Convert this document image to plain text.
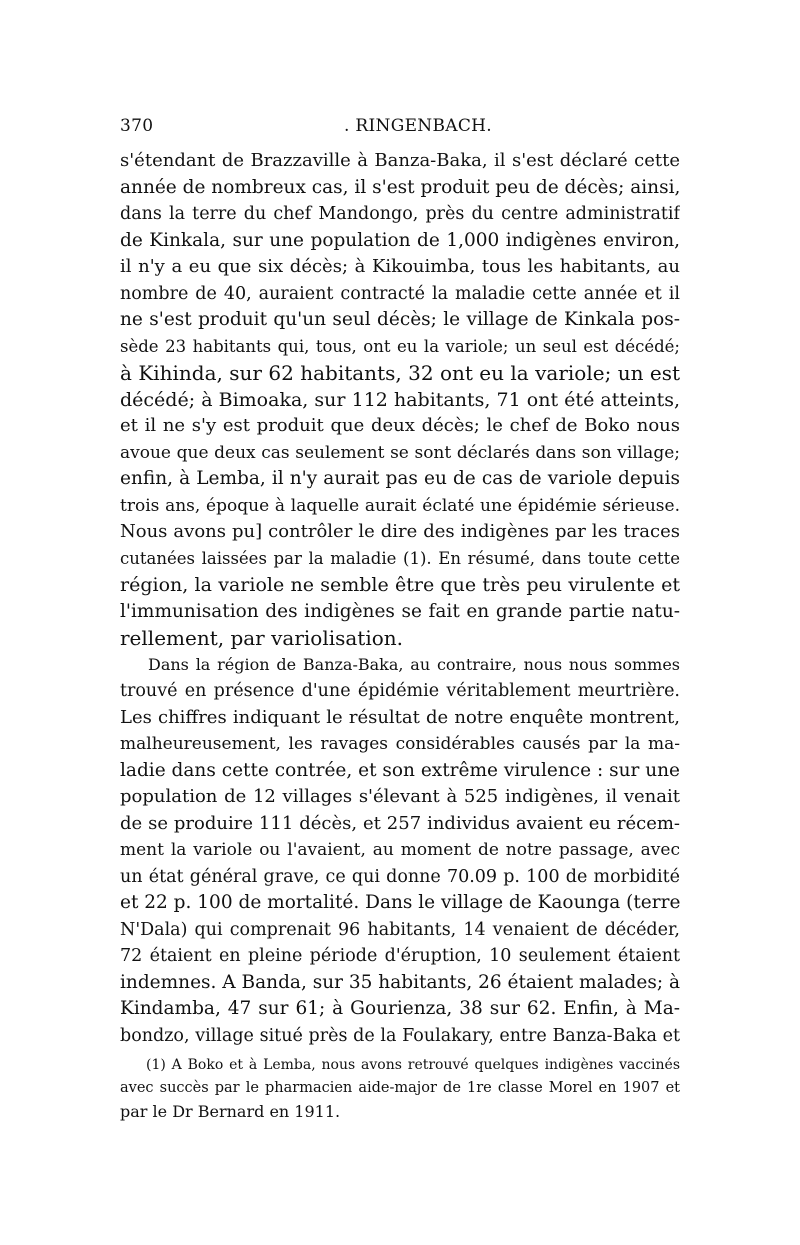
370	. RINGENBACH.
s'étendant de Brazzaville à Banza-Baka, il s'est déclaré cette
année de nombreux cas, il s'est produit peu de décès; ainsi,
dans la terre du chef Mandongo, près du centre administratif
de Kinkala, sur une population de 1,000 indigènes environ,
il n'y a eu que six décès; à Kikouimba, tous les habitants, au
nombre de 40, auraient contracté la maladie cette année et il
ne s'est produit qu'un seul décès; le village de Kinkala pos-
sède 23 habitants qui, tous, ont eu la variole; un seul est décédé;
à Kihinda, sur 62 habitants, 32 ont eu la variole; un est
décédé; à Bimoaka, sur 112 habitants, 71 ont été atteints,
et il ne s'y est produit que deux décès; le chef de Boko nous
avoue que deux cas seulement se sont déclarés dans son village;
enfin, à Lemba, il n'y aurait pas eu de cas de variole depuis
trois ans, époque à laquelle aurait éclaté une épidémie sérieuse.
Nous avons pu] contrôler le dire des indigènes par les traces
cutanées laissées par la maladie (1). En résumé, dans toute cette
région, la variole ne semble être que très peu virulente et
l'immunisation des indigènes se fait en grande partie natu-
rellement, par variolisation.
Dans la région de Banza-Baka, au contraire, nous nous sommes
trouvé en présence d'une épidémie véritablement meurtrière.
Les chiffres indiquant le résultat de notre enquête montrent,
malheureusement, les ravages considérables causés par la ma-
ladie dans cette contrée, et son extrême virulence : sur une
population de 12 villages s'élevant à 525 indigènes, il venait
de se produire 111 décès, et 257 individus avaient eu récem-
ment la variole ou l'avaient, au moment de notre passage, avec
un état général grave, ce qui donne 70.09 p. 100 de morbidité
et 22 p. 100 de mortalité. Dans le village de Kaounga (terre
N'Dala) qui comprenait 96 habitants, 14 venaient de décéder,
72 étaient en pleine période d'éruption, 10 seulement étaient
indemnes. A Banda, sur 35 habitants, 26 étaient malades; à
Kindamba, 47 sur 61; à Gourienza, 38 sur 62. Enfin, à Ma-
bondzo, village situé près de la Foulakary, entre Banza-Baka et
(1) A Boko et à Lemba, nous avons retrouvé quelques indigènes vaccinés
avec succès par le pharmacien aide-major de 1re classe Morel en 1907 et
par le Dr Bernard en 1911.
